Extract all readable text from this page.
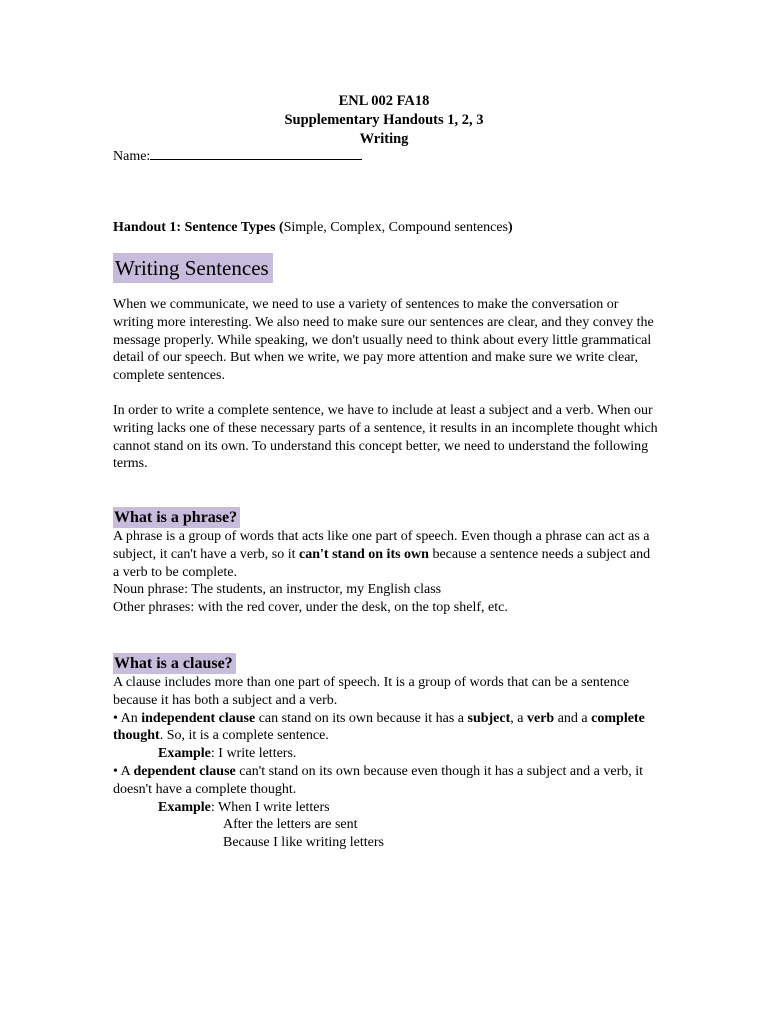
ENL 002 FA18
Supplementary Handouts 1, 2, 3
Writing
Name:
Handout 1: Sentence Types (Simple, Complex, Compound sentences)
Writing Sentences

When we communicate, we need to use a variety of sentences to make the conversation or writing more interesting. We also need to make sure our sentences are clear, and they convey the message properly. While speaking, we don't usually need to think about every little grammatical detail of our speech. But when we write, we pay more attention and make sure we write clear, complete sentences.

In order to write a complete sentence, we have to include at least a subject and a verb. When our writing lacks one of these necessary parts of a sentence, it results in an incomplete thought which cannot stand on its own. To understand this concept better, we need to understand the following terms.

What is a phrase?

A phrase is a group of words that acts like one part of speech. Even though a phrase can act as a subject, it can't have a verb, so it can't stand on its own because a sentence needs a subject and a verb to be complete.

Noun phrase: The students, an instructor, my English class

Other phrases: with the red cover, under the desk, on the top shelf, etc.

What is a clause?

A clause includes more than one part of speech. It is a group of words that can be a sentence because it has both a subject and a verb.

• An independent clause can stand on its own because it has a subject, a verb and a complete thought. So, it is a complete sentence.

Example: I write letters.

• A dependent clause can't stand on its own because even though it has a subject and a verb, it doesn't have a complete thought.

Example: When I write letters

After the letters are sent

Because I like writing letters
